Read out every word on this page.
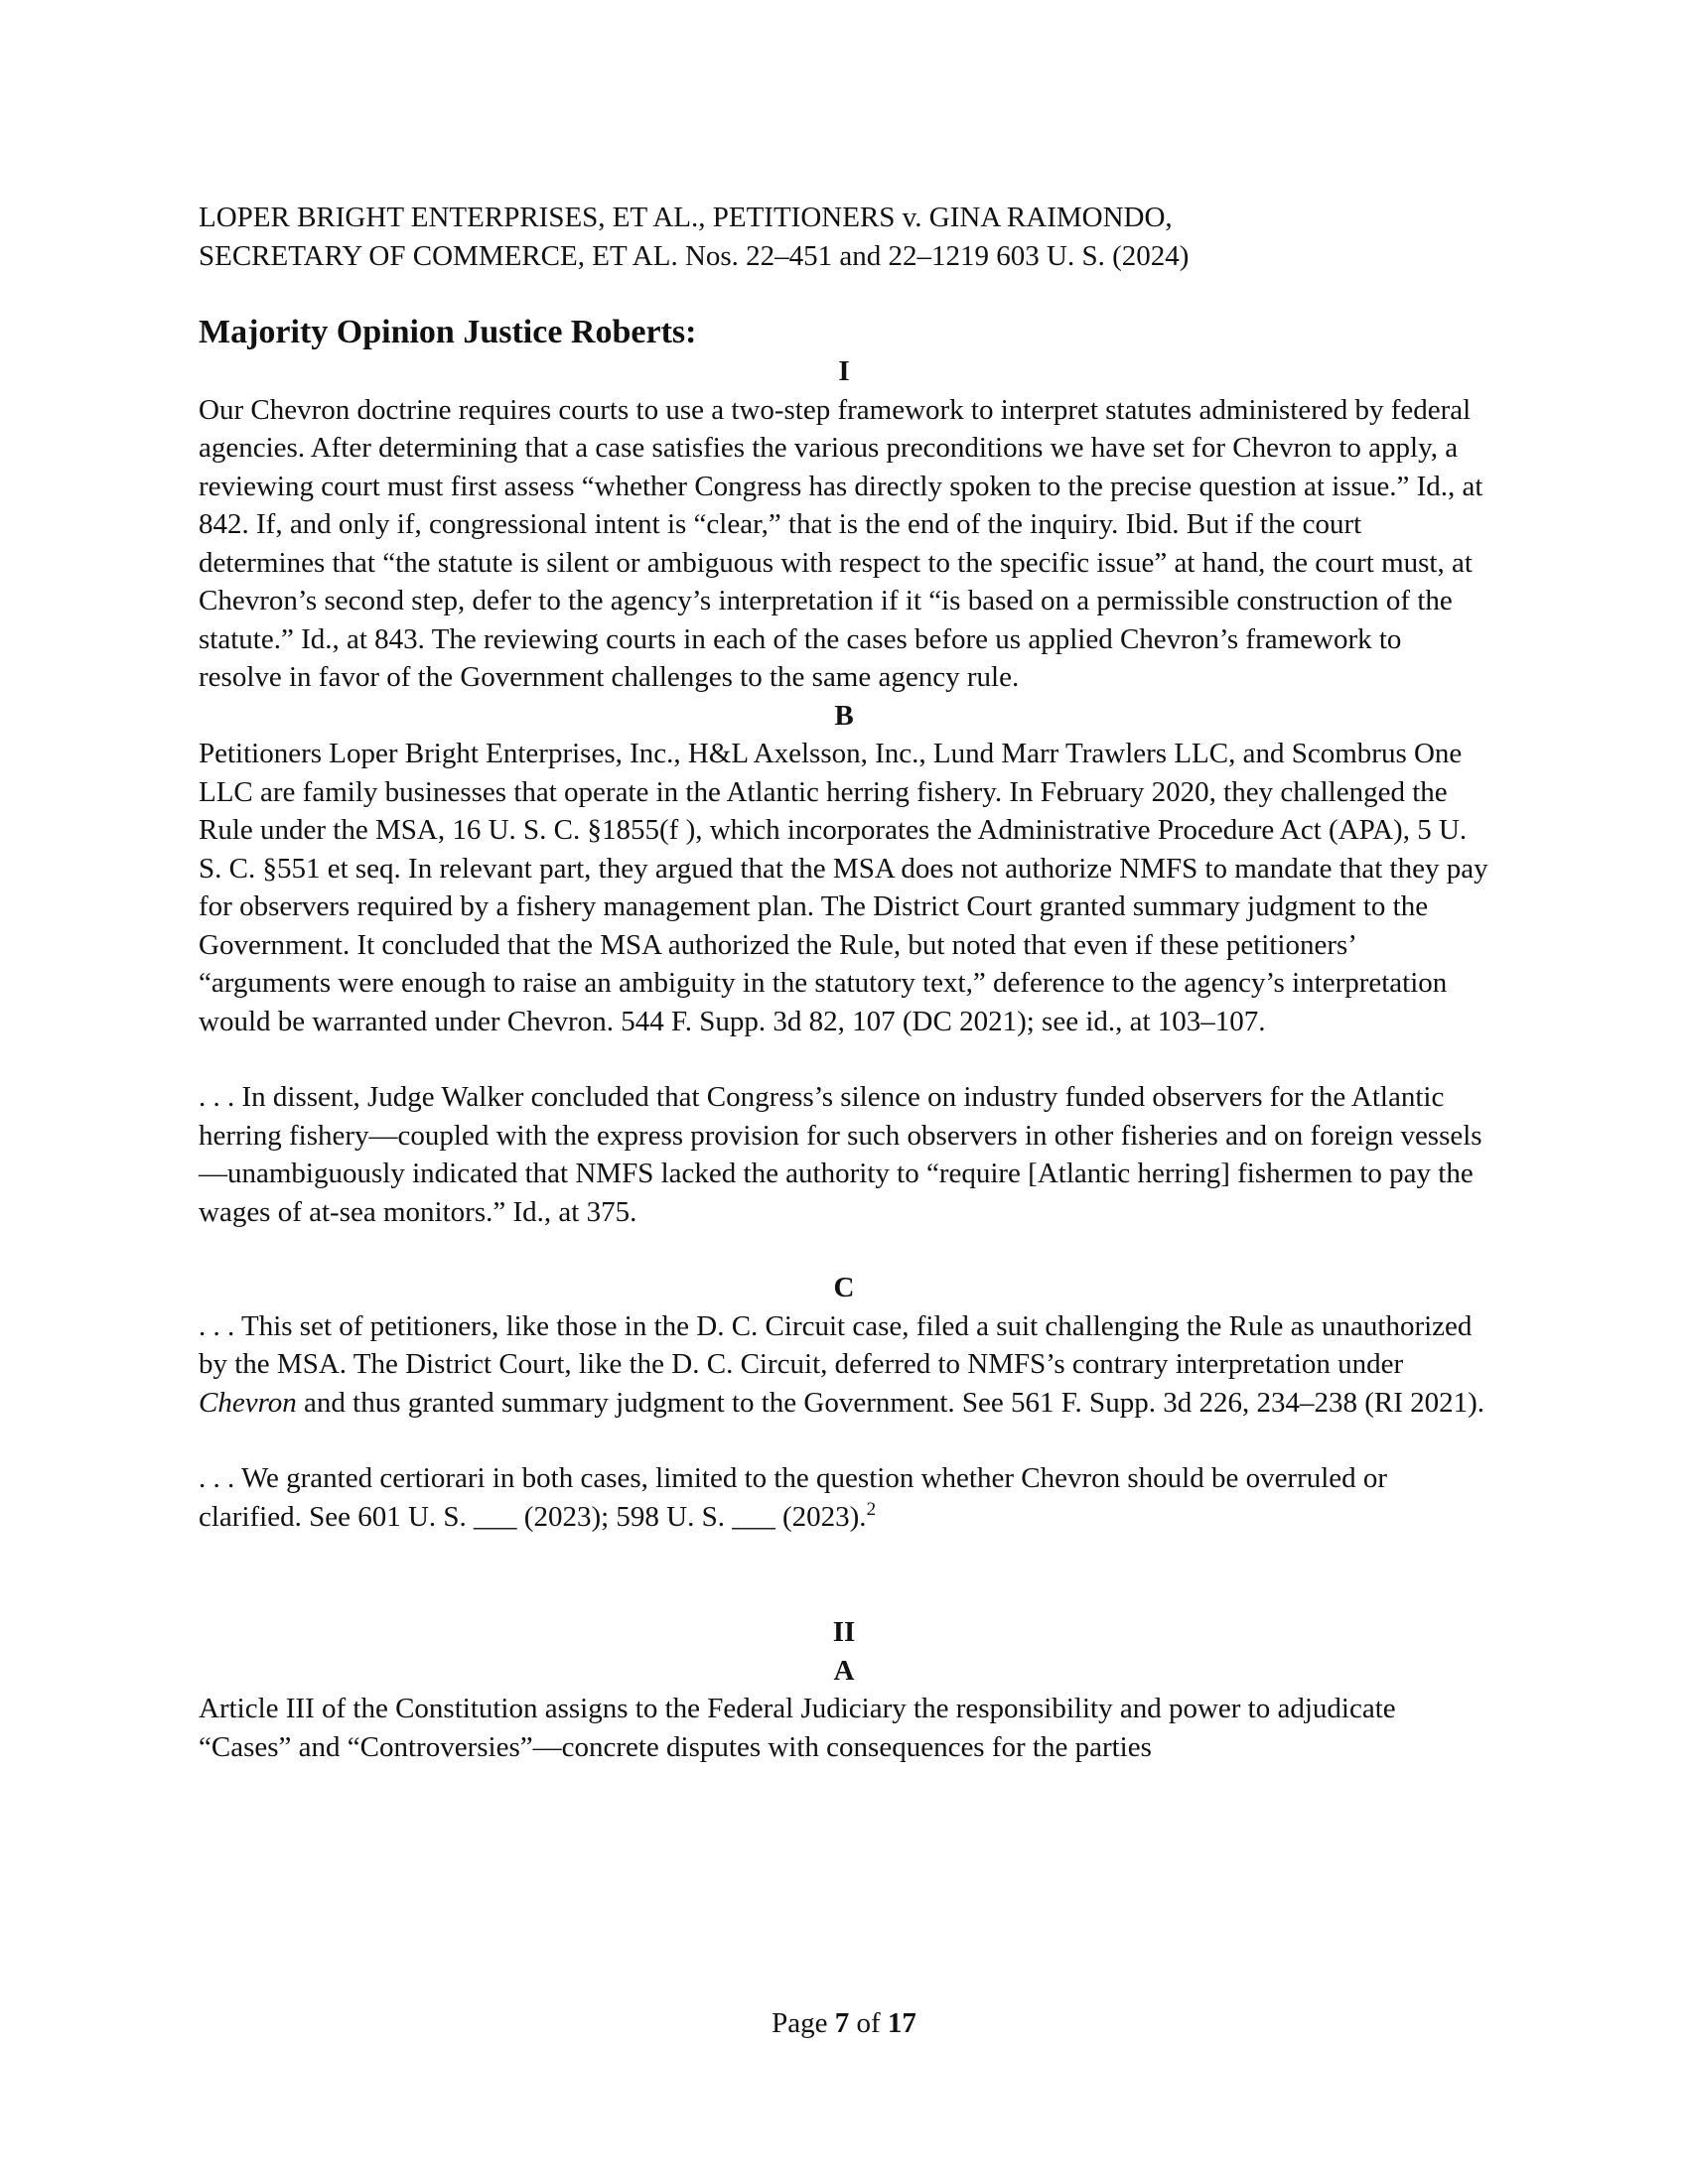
LOPER BRIGHT ENTERPRISES, ET AL., PETITIONERS v. GINA RAIMONDO,
SECRETARY OF COMMERCE, ET AL. Nos. 22–451 and 22–1219 603 U. S. (2024)

Majority Opinion Justice Roberts:
I

Our Chevron doctrine requires courts to use a two-step framework to interpret statutes administered by federal agencies. After determining that a case satisfies the various preconditions we have set for Chevron to apply, a reviewing court must first assess “whether Congress has directly spoken to the precise question at issue.” Id., at 842. If, and only if, congressional intent is “clear,” that is the end of the inquiry. Ibid. But if the court determines that “the statute is silent or ambiguous with respect to the specific issue” at hand, the court must, at Chevron’s second step, defer to the agency’s interpretation if it “is based on a permissible construction of the statute.” Id., at 843. The reviewing courts in each of the cases before us applied Chevron’s framework to resolve in favor of the Government challenges to the same agency rule.

B

Petitioners Loper Bright Enterprises, Inc., H&L Axelsson, Inc., Lund Marr Trawlers LLC, and Scombrus One LLC are family businesses that operate in the Atlantic herring fishery. In February 2020, they challenged the Rule under the MSA, 16 U. S. C. §1855(f ), which incorporates the Administrative Procedure Act (APA), 5 U. S. C. §551 et seq. In relevant part, they argued that the MSA does not authorize NMFS to mandate that they pay for observers required by a fishery management plan. The District Court granted summary judgment to the Government. It concluded that the MSA authorized the Rule, but noted that even if these petitioners’ “arguments were enough to raise an ambiguity in the statutory text,” deference to the agency’s interpretation would be warranted under Chevron. 544 F. Supp. 3d 82, 107 (DC 2021); see id., at 103–107.

. . . In dissent, Judge Walker concluded that Congress’s silence on industry funded observers for the Atlantic herring fishery—coupled with the express provision for such observers in other fisheries and on foreign vessels—unambiguously indicated that NMFS lacked the authority to “require [Atlantic herring] fishermen to pay the wages of at-sea monitors.” Id., at 375.

C

. . . This set of petitioners, like those in the D. C. Circuit case, filed a suit challenging the Rule as unauthorized by the MSA. The District Court, like the D. C. Circuit, deferred to NMFS’s contrary interpretation under Chevron and thus granted summary judgment to the Government. See 561 F. Supp. 3d 226, 234–238 (RI 2021).

. . . We granted certiorari in both cases, limited to the question whether Chevron should be overruled or clarified. See 601 U. S. ___ (2023); 598 U. S. ___ (2023).$^2$

II
A

Article III of the Constitution assigns to the Federal Judiciary the responsibility and power to adjudicate “Cases” and “Controversies”—concrete disputes with consequences for the parties

Page 7 of 17
